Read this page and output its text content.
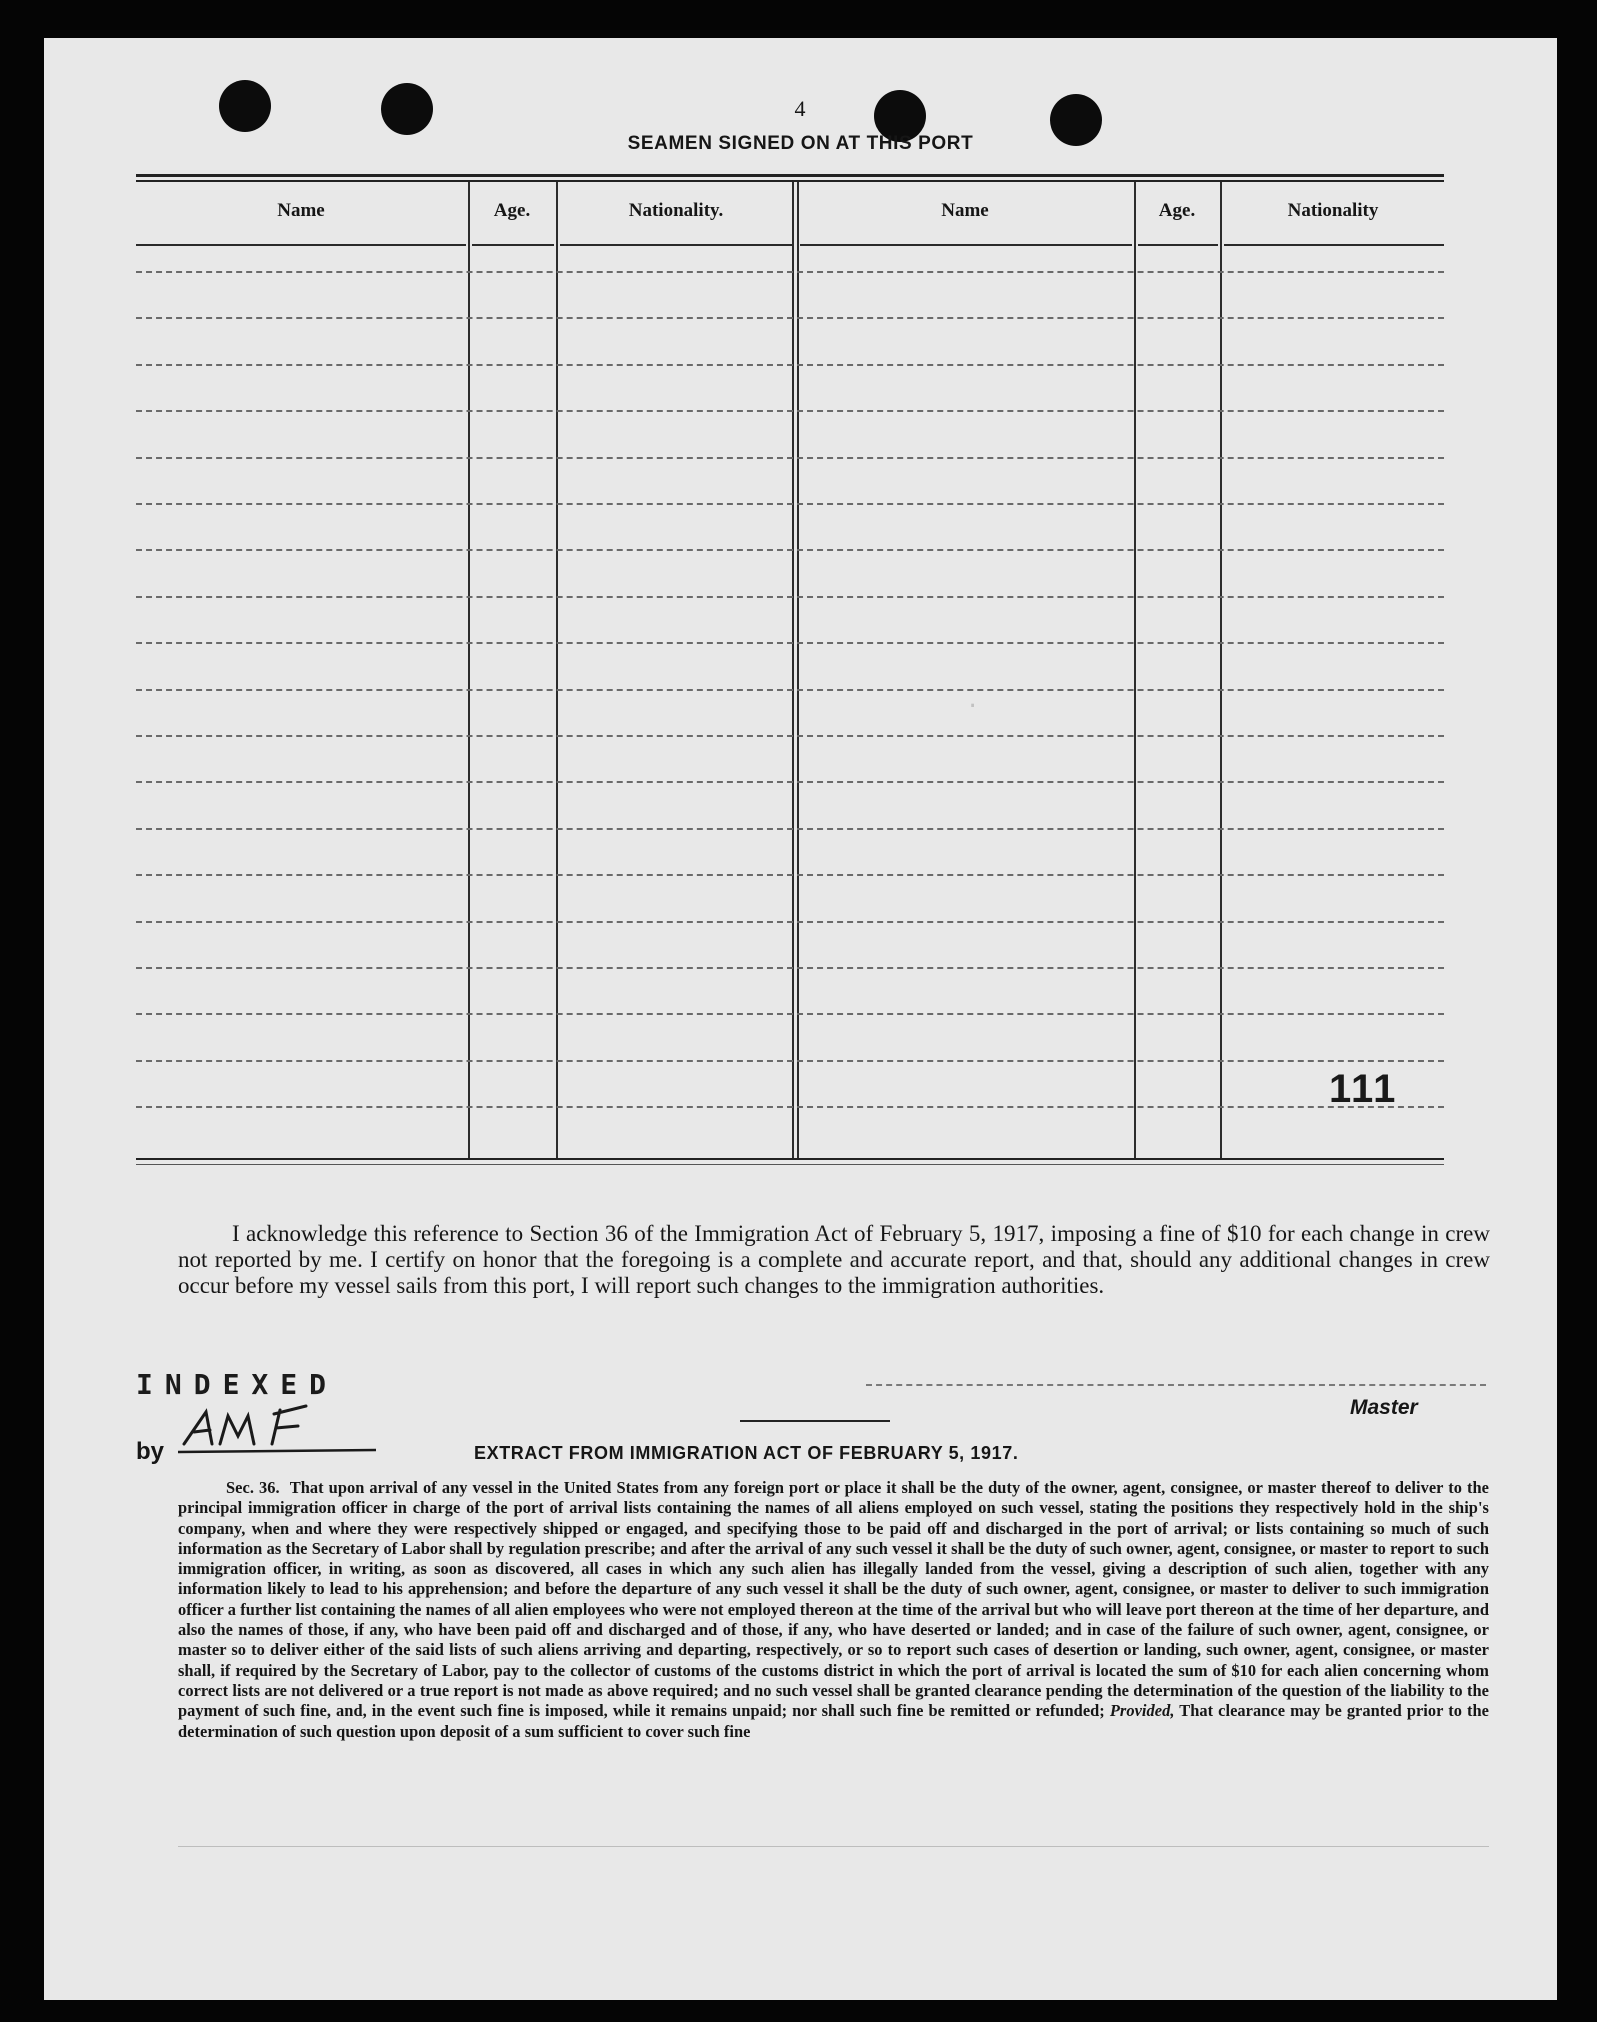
4
SEAMEN SIGNED ON AT THIS PORT
Name	Age.	Nationality.	Name	Age.	Nationality
·
111
I acknowledge this reference to Section 36 of the Immigration Act of February 5, 1917, imposing a fine of $10 for each change in crew not reported by me. I certify on honor that the foregoing is a complete and accurate report, and that, should any additional changes in crew occur before my vessel sails from this port, I will report such changes to the immigration authorities.
INDEXED
by
Master
EXTRACT FROM IMMIGRATION ACT OF FEBRUARY 5, 1917.
Sec. 36. That upon arrival of any vessel in the United States from any foreign port or place it shall be the duty of the owner, agent, consignee, or master thereof to deliver to the principal immigration officer in charge of the port of arrival lists containing the names of all aliens employed on such vessel, stating the positions they respectively hold in the ship's company, when and where they were respectively shipped or engaged, and specifying those to be paid off and discharged in the port of arrival; or lists containing so much of such information as the Secretary of Labor shall by regulation prescribe; and after the arrival of any such vessel it shall be the duty of such owner, agent, consignee, or master to report to such immigration officer, in writing, as soon as discovered, all cases in which any such alien has illegally landed from the vessel, giving a description of such alien, together with any information likely to lead to his apprehension; and before the departure of any such vessel it shall be the duty of such owner, agent, consignee, or master to deliver to such immigration officer a further list containing the names of all alien employees who were not employed thereon at the time of the arrival but who will leave port thereon at the time of her departure, and also the names of those, if any, who have been paid off and discharged and of those, if any, who have deserted or landed; and in case of the failure of such owner, agent, consignee, or master so to deliver either of the said lists of such aliens arriving and departing, respectively, or so to report such cases of desertion or landing, such owner, agent, consignee, or master shall, if required by the Secretary of Labor, pay to the collector of customs of the customs district in which the port of arrival is located the sum of $10 for each alien concerning whom correct lists are not delivered or a true report is not made as above required; and no such vessel shall be granted clearance pending the determination of the question of the liability to the payment of such fine, and, in the event such fine is imposed, while it remains unpaid; nor shall such fine be remitted or refunded; Provided, That clearance may be granted prior to the determination of such question upon deposit of a sum sufficient to cover such fine
